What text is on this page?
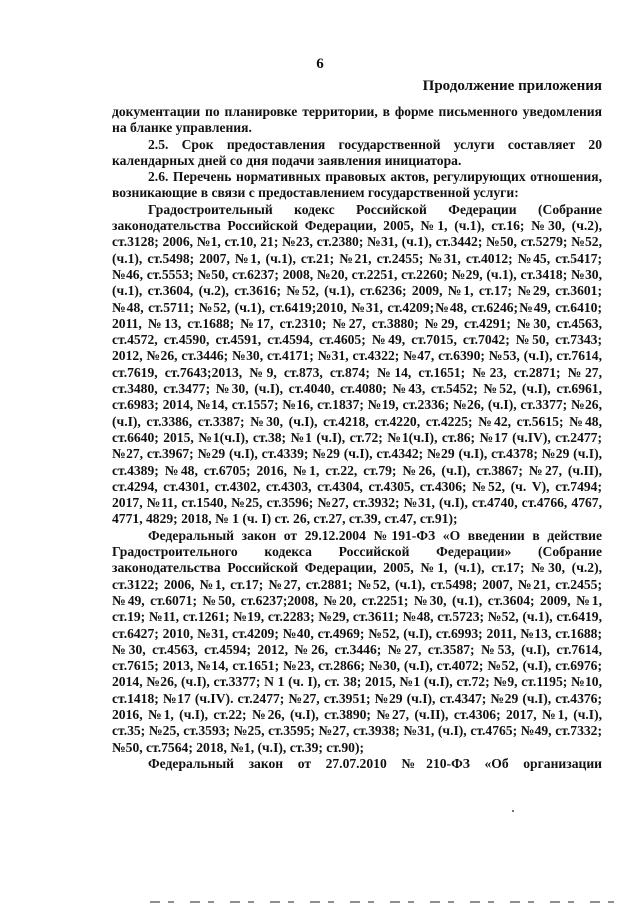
6
Продолжение приложения

документации по планировке территории, в форме письменного уведомления на бланке управления.

2.5. Срок предоставления государственной услуги составляет 20 календарных дней со дня подачи заявления инициатора.

2.6. Перечень нормативных правовых актов, регулирующих отношения, возникающие в связи с предоставлением государственной услуги:

Градостроительный кодекс Российской Федерации (Собрание законодательства Российской Федерации, 2005, №1, (ч.1), ст.16; №30, (ч.2), ст.3128; 2006, №1, ст.10, 21; №23, ст.2380; №31, (ч.1), ст.3442; №50, ст.5279; №52, (ч.1), ст.5498; 2007, №1, (ч.1), ст.21; №21, ст.2455; №31, ст.4012; №45, ст.5417; №46, ст.5553; №50, ст.6237; 2008, №20, ст.2251, ст.2260; №29, (ч.1), ст.3418; №30, (ч.1), ст.3604, (ч.2), ст.3616; №52, (ч.1), ст.6236; 2009, №1, ст.17; №29, ст.3601; №48, ст.5711; №52, (ч.1), ст.6419;2010, №31, ст.4209;№48, ст.6246;№49, ст.6410; 2011, №13, ст.1688; №17, ст.2310; №27, ст.3880; №29, ст.4291; №30, ст.4563, ст.4572, ст.4590, ст.4591, ст.4594, ст.4605; №49, ст.7015, ст.7042; №50, ст.7343; 2012, №26, ст.3446; №30, ст.4171; №31, ст.4322; №47, ст.6390; №53, (ч.I), ст.7614, ст.7619, ст.7643;2013, №9, ст.873, ст.874; №14, ст.1651; №23, ст.2871; №27, ст.3480, ст.3477; №30, (ч.I), ст.4040, ст.4080; №43, ст.5452; №52, (ч.I), ст.6961, ст.6983; 2014, №14, ст.1557; №16, ст.1837; №19, ст.2336; №26, (ч.I), ст.3377; №26, (ч.I), ст.3386, ст.3387; №30, (ч.I), ст.4218, ст.4220, ст.4225; №42, ст.5615; №48, ст.6640; 2015, №1(ч.I), ст.38; №1 (ч.I), ст.72; №1(ч.I), ст.86; №17 (ч.IV), ст.2477; №27, ст.3967; №29 (ч.I), ст.4339; №29 (ч.I), ст.4342; №29 (ч.I), ст.4378; №29 (ч.I), ст.4389; №48, ст.6705; 2016, №1, ст.22, ст.79; №26, (ч.I), ст.3867; №27, (ч.II), ст.4294, ст.4301, ст.4302, ст.4303, ст.4304, ст.4305, ст.4306; №52, (ч. V), ст.7494; 2017, №11, ст.1540, №25, ст.3596; №27, ст.3932; №31, (ч.I), ст.4740, ст.4766, 4767, 4771, 4829; 2018, № 1 (ч. I) ст. 26, ст.27, ст.39, ст.47, ст.91);

Федеральный закон от 29.12.2004 №191-ФЗ «О введении в действие Градостроительного кодекса Российской Федерации» (Собрание законодательства Российской Федерации, 2005, №1, (ч.1), ст.17; №30, (ч.2), ст.3122; 2006, №1, ст.17; №27, ст.2881; №52, (ч.1), ст.5498; 2007, №21, ст.2455; №49, ст.6071; №50, ст.6237;2008, №20, ст.2251; №30, (ч.1), ст.3604; 2009, №1, ст.19; №11, ст.1261; №19, ст.2283; №29, ст.3611; №48, ст.5723; №52, (ч.1), ст.6419, ст.6427; 2010, №31, ст.4209; №40, ст.4969; №52, (ч.I), ст.6993; 2011, №13, ст.1688; №30, ст.4563, ст.4594; 2012, №26, ст.3446; №27, ст.3587; №53, (ч.I), ст.7614, ст.7615; 2013, №14, ст.1651; №23, ст.2866; №30, (ч.I), ст.4072; №52, (ч.I), ст.6976; 2014, №26, (ч.I), ст.3377; N 1 (ч. I), ст. 38; 2015, №1 (ч.I), ст.72; №9, ст.1195; №10, ст.1418; №17 (ч.IV). ст.2477; №27, ст.3951; №29 (ч.I), ст.4347; №29 (ч.I), ст.4376; 2016, №1, (ч.I), ст.22; №26, (ч.I), ст.3890; №27, (ч.II), ст.4306; 2017, №1, (ч.I), ст.35; №25, ст.3593; №25, ст.3595; №27, ст.3938; №31, (ч.I), ст.4765; №49, ст.7332; №50, ст.7564; 2018, №1, (ч.I), ст.39; ст.90);

Федеральный закон от 27.07.2010 №210-ФЗ «Об организации
